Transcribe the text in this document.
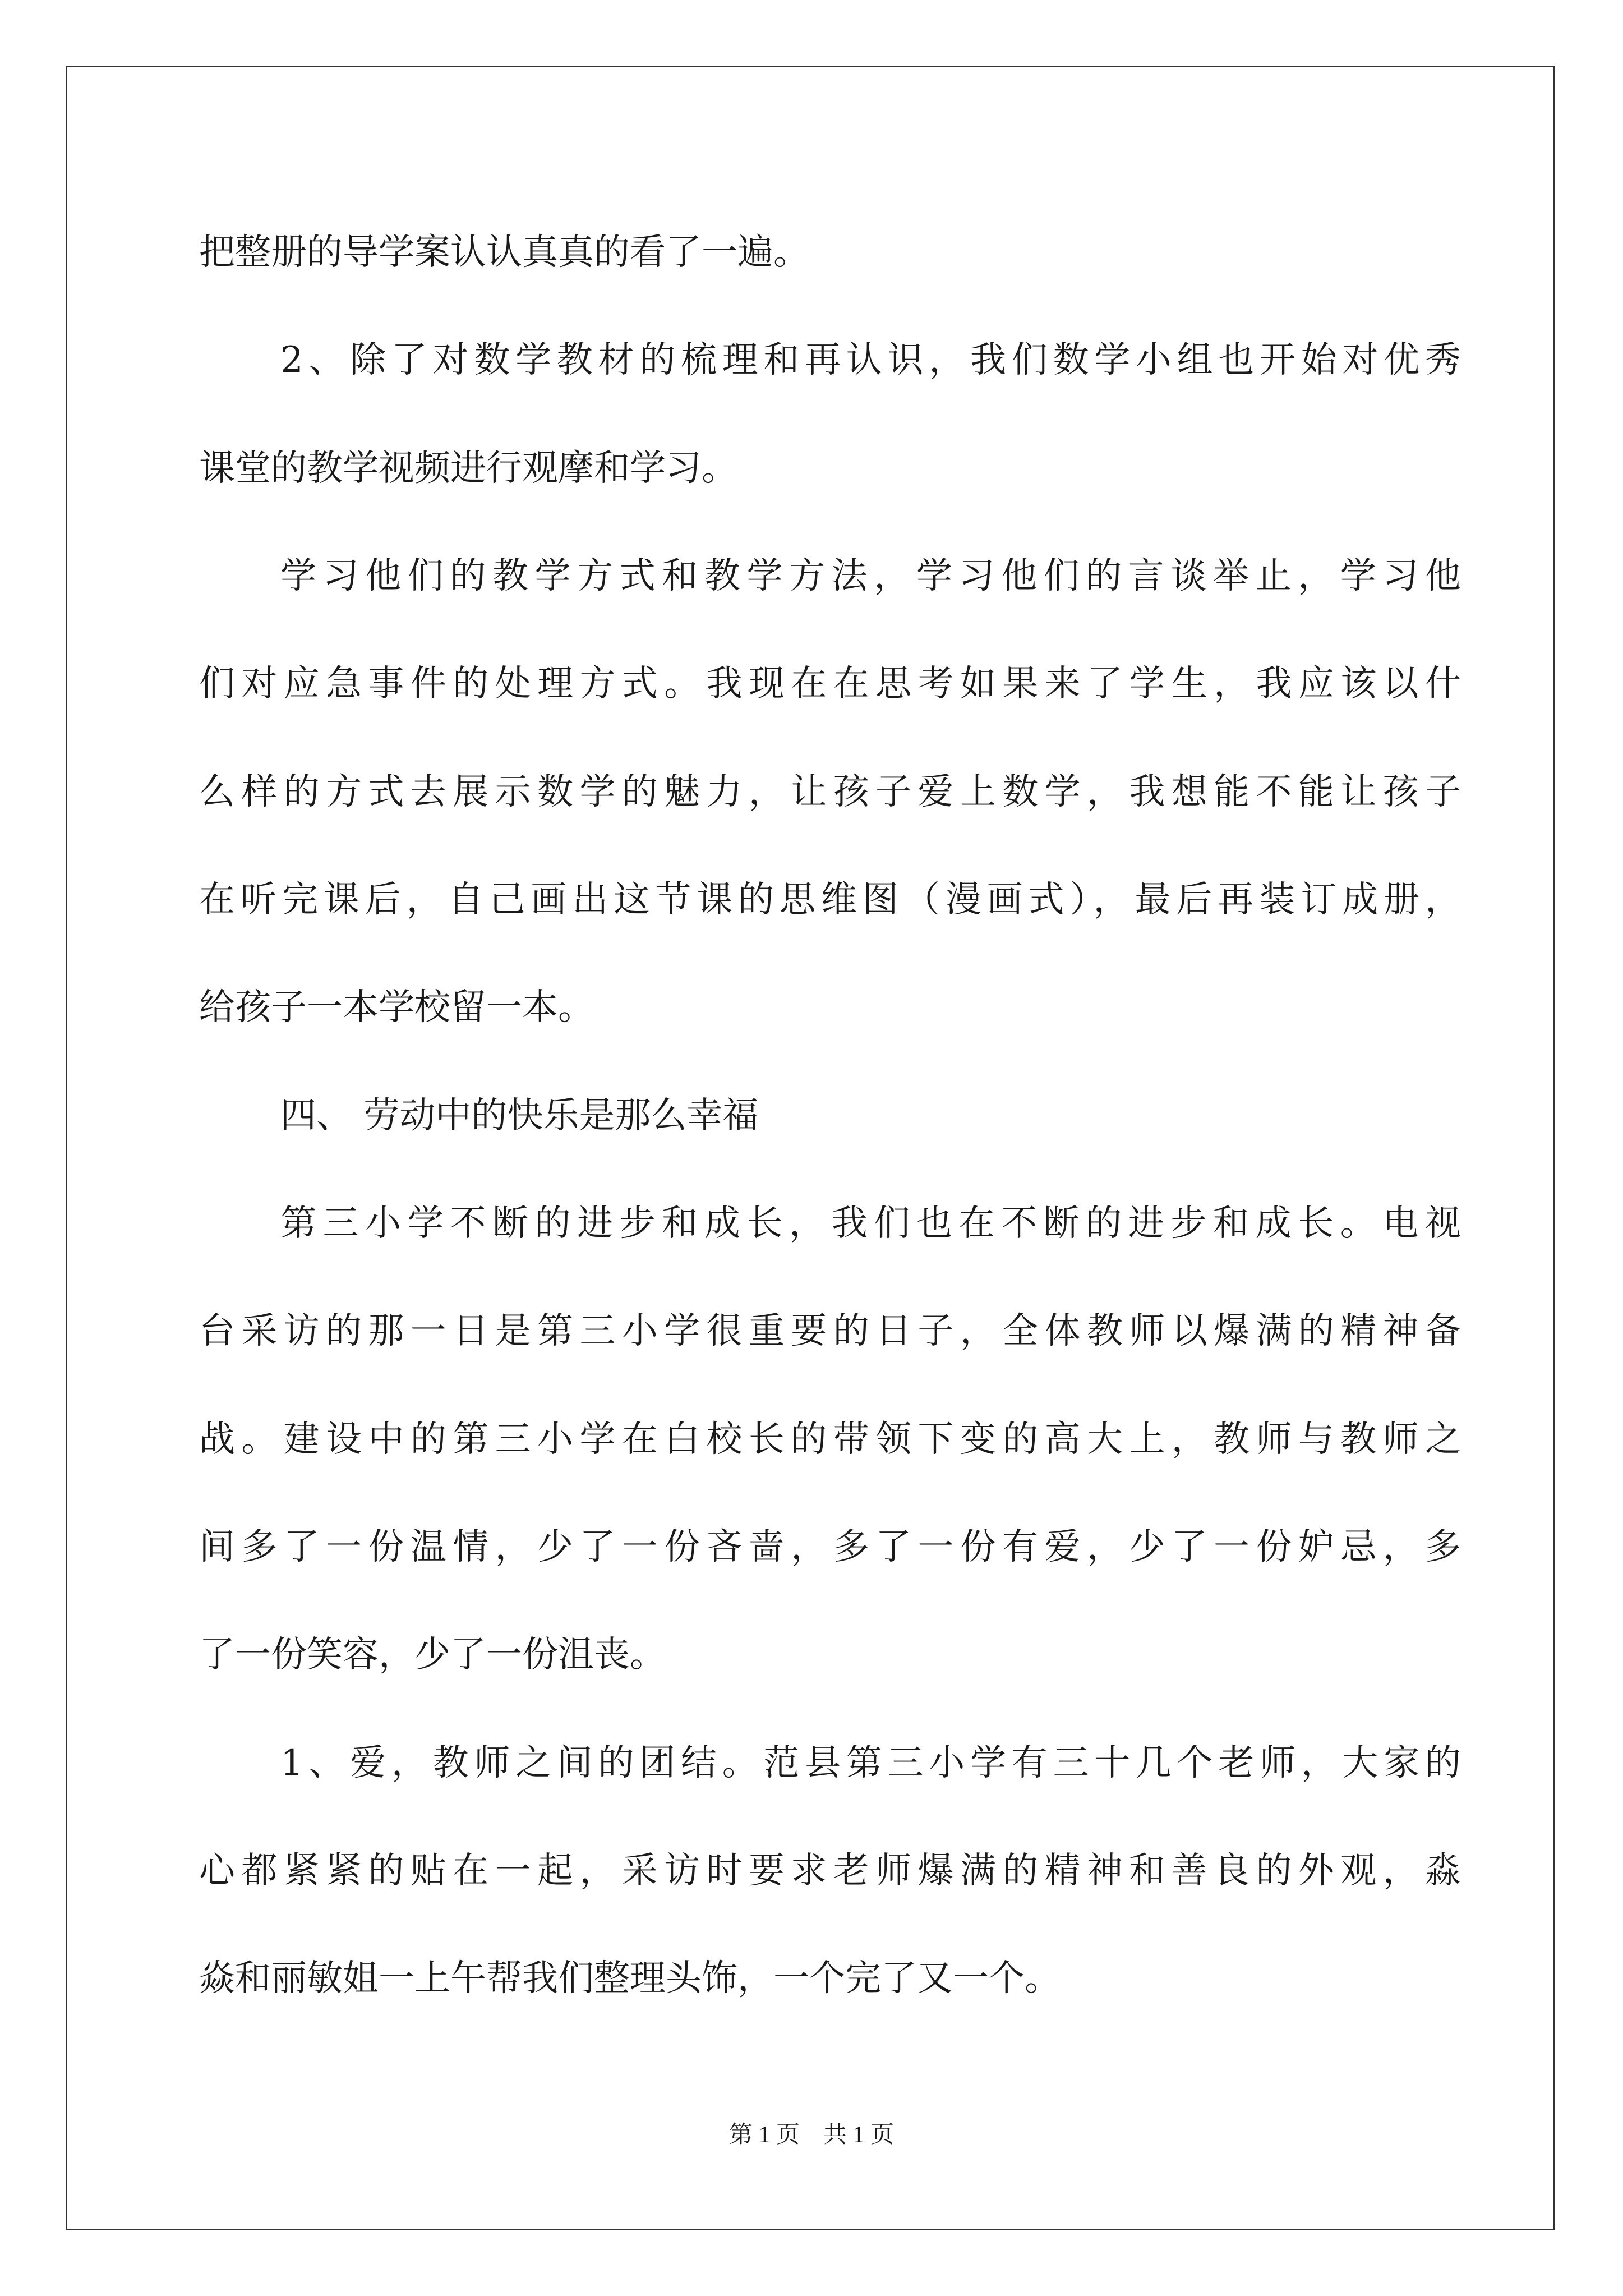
把整册的导学案认认真真的看了一遍。
2、除了对数学教材的梳理和再认识，我们数学小组也开始对优秀
课堂的教学视频进行观摩和学习。
学习他们的教学方式和教学方法，学习他们的言谈举止，学习他
们对应急事件的处理方式。我现在在思考如果来了学生，我应该以什
么样的方式去展示数学的魅力，让孩子爱上数学，我想能不能让孩子
在听完课后，自己画出这节课的思维图（漫画式），最后再装订成册，
给孩子一本学校留一本。
四、 劳动中的快乐是那么幸福
第三小学不断的进步和成长，我们也在不断的进步和成长。电视
台采访的那一日是第三小学很重要的日子，全体教师以爆满的精神备
战。建设中的第三小学在白校长的带领下变的高大上，教师与教师之
间多了一份温情，少了一份吝啬，多了一份有爱，少了一份妒忌，多
了一份笑容，少了一份沮丧。
1、爱，教师之间的团结。范县第三小学有三十几个老师，大家的
心都紧紧的贴在一起，采访时要求老师爆满的精神和善良的外观，淼
焱和丽敏姐一上午帮我们整理头饰，一个完了又一个。
第 1 页　共 1 页
